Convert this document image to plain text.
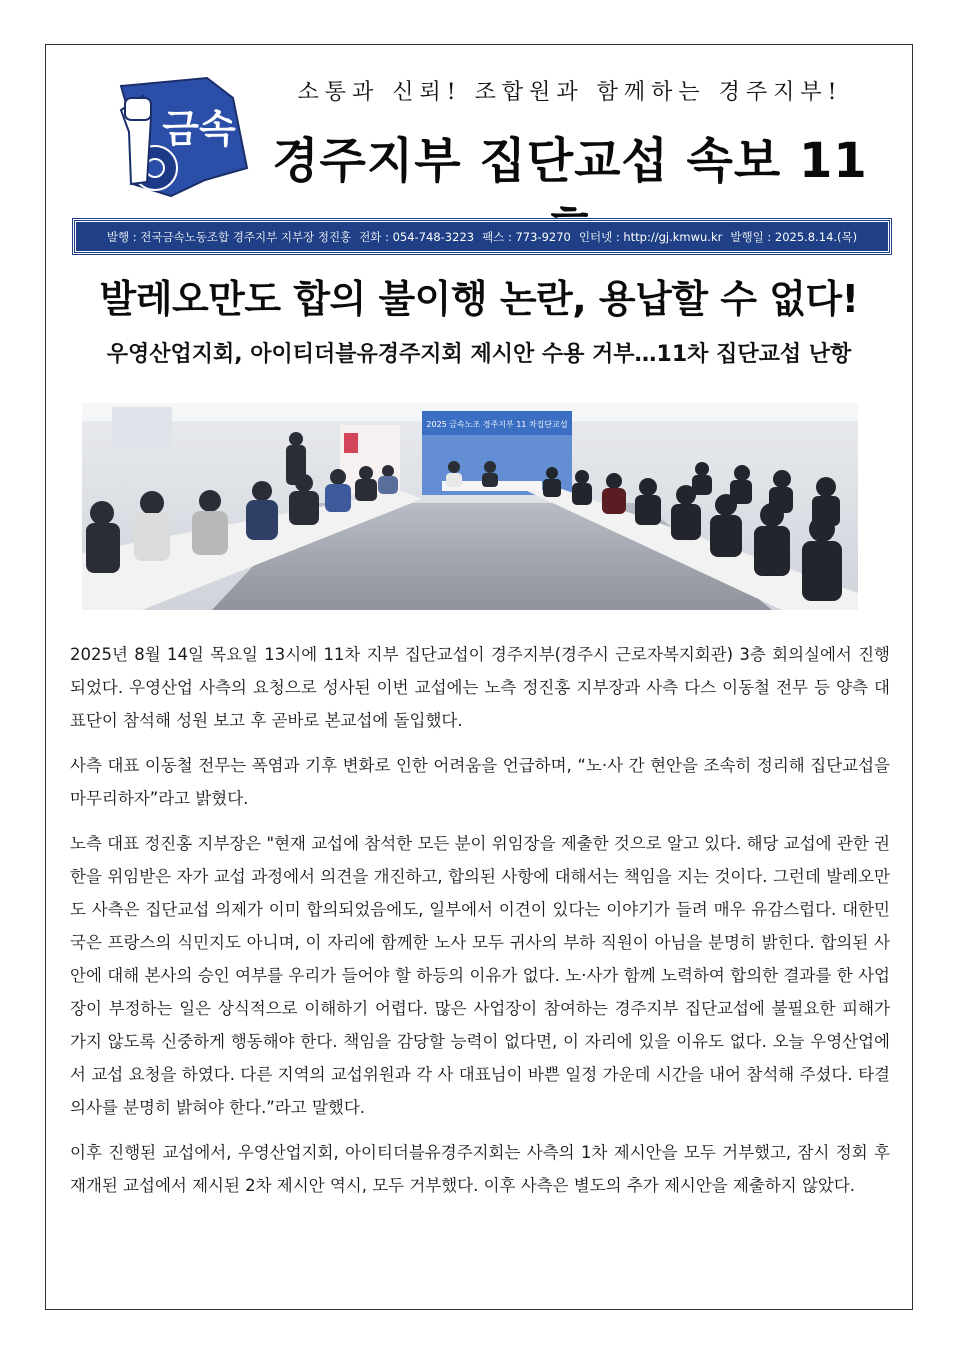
금속
소통과 신뢰! 조합원과 함께하는 경주지부!
경주지부 집단교섭 속보 11
발행 : 전국금속노동조합 경주지부 지부장 정진홍 전화 : 054-748-3223 팩스 : 773-9270 인터넷 : http://gj.kmwu.kr 발행일 : 2025.8.14.(목)
발레오만도 합의 불이행 논란, 용납할 수 없다!
우영산업지회, 아이티더블유경주지회 제시안 수용 거부…11차 집단교섭 난항
2025 금속노조 경주지부 11 차집단교섭

2025년 8월 14일 목요일 13시에 11차 지부 집단교섭이 경주지부(경주시 근로자복지회관) 3층 회의실에서 진행되었다. 우영산업 사측의 요청으로 성사된 이번 교섭에는 노측 정진홍 지부장과 사측 다스 이동철 전무 등 양측 대표단이 참석해 성원 보고 후 곧바로 본교섭에 돌입했다.

사측 대표 이동철 전무는 폭염과 기후 변화로 인한 어려움을 언급하며, “노·사 간 현안을 조속히 정리해 집단교섭을 마무리하자”라고 밝혔다.

노측 대표 정진홍 지부장은 "현재 교섭에 참석한 모든 분이 위임장을 제출한 것으로 알고 있다. 해당 교섭에 관한 권한을 위임받은 자가 교섭 과정에서 의견을 개진하고, 합의된 사항에 대해서는 책임을 지는 것이다. 그런데 발레오만도 사측은 집단교섭 의제가 이미 합의되었음에도, 일부에서 이견이 있다는 이야기가 들려 매우 유감스럽다. 대한민국은 프랑스의 식민지도 아니며, 이 자리에 함께한 노사 모두 귀사의 부하 직원이 아님을 분명히 밝힌다. 합의된 사안에 대해 본사의 승인 여부를 우리가 들어야 할 하등의 이유가 없다. 노·사가 함께 노력하여 합의한 결과를 한 사업장이 부정하는 일은 상식적으로 이해하기 어렵다. 많은 사업장이 참여하는 경주지부 집단교섭에 불필요한 피해가 가지 않도록 신중하게 행동해야 한다. 책임을 감당할 능력이 없다면, 이 자리에 있을 이유도 없다. 오늘 우영산업에서 교섭 요청을 하였다. 다른 지역의 교섭위원과 각 사 대표님이 바쁜 일정 가운데 시간을 내어 참석해 주셨다. 타결 의사를 분명히 밝혀야 한다.”라고 말했다.

이후 진행된 교섭에서, 우영산업지회, 아이티더블유경주지회는 사측의 1차 제시안을 모두 거부했고, 잠시 정회 후 재개된 교섭에서 제시된 2차 제시안 역시, 모두 거부했다. 이후 사측은 별도의 추가 제시안을 제출하지 않았다.
